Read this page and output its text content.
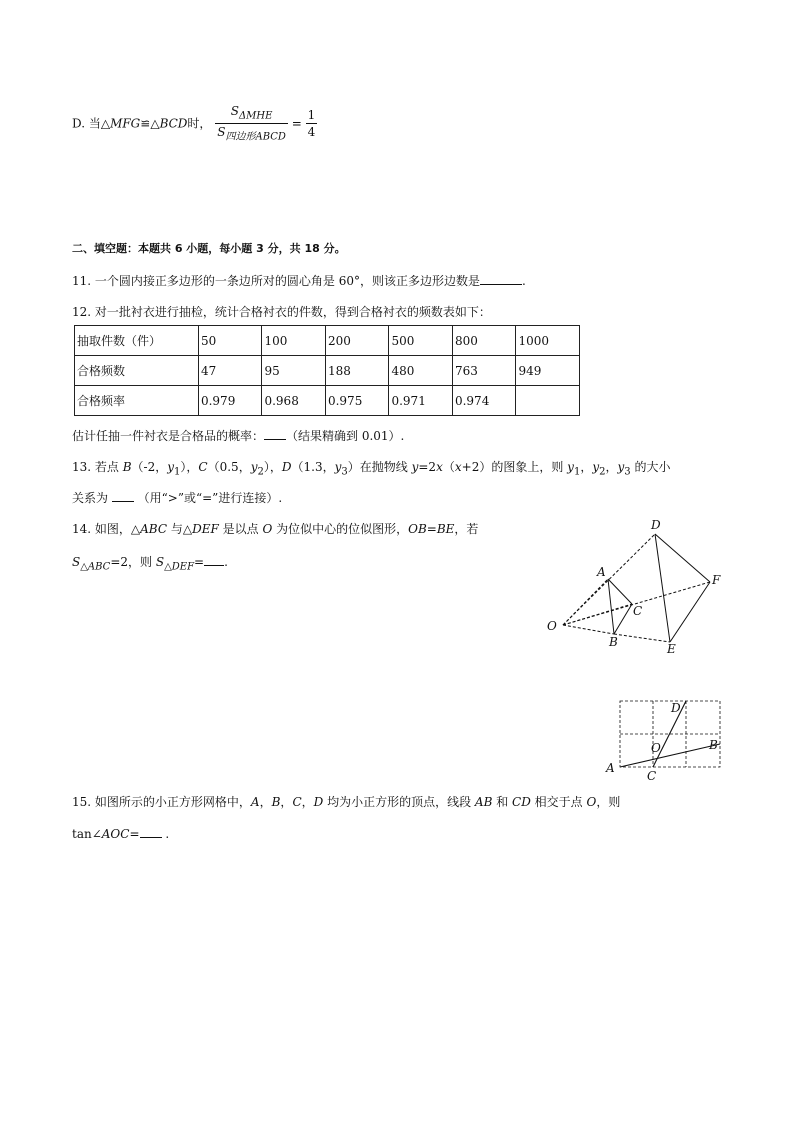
D. 当△MFG≌△BCD时， $\frac{S_{\Delta MHE}}{S_{四边形ABCD}} = \frac{1}{4}$
二、填空题：本题共 6 小题，每小题 3 分，共 18 分。
11. 一个圆内接正多边形的一条边所对的圆心角是 60°，则该正多边形边数是	.
12. 对一批衬衣进行抽检，统计合格衬衣的件数，得到合格衬衣的频数表如下：
抽取件数（件）	50	100	200	500	800	1000
合格频数	47	95	188	480	763	949
合格频率	0.979	0.968	0.975	0.971	0.974	
估计任抽一件衬衣是合格品的概率： （结果精确到 0.01）.
13. 若点 B（-2，$y_1$），C（0.5，$y_2$），D（1.3，$y_3$）在抛物线 y=2x（x+2）的图象上，则 $y_1$，$y_2$，$y_3$ 的大小
关系为 （用“>”或“=”进行连接）.
14. 如图，△ABC 与△DEF 是以点 O 为位似中心的位似图形，OB=BE，若
$S_{\triangle ABC}=2$，则 $S_{\triangle DEF}=$ .
D
A
F
C
O
B	E
D
O	B
A
C
15. 如图所示的小正方形网格中，A，B，C，D 均为小正方形的顶点，线段 AB 和 CD 相交于点 O，则
tan∠AOC= .
